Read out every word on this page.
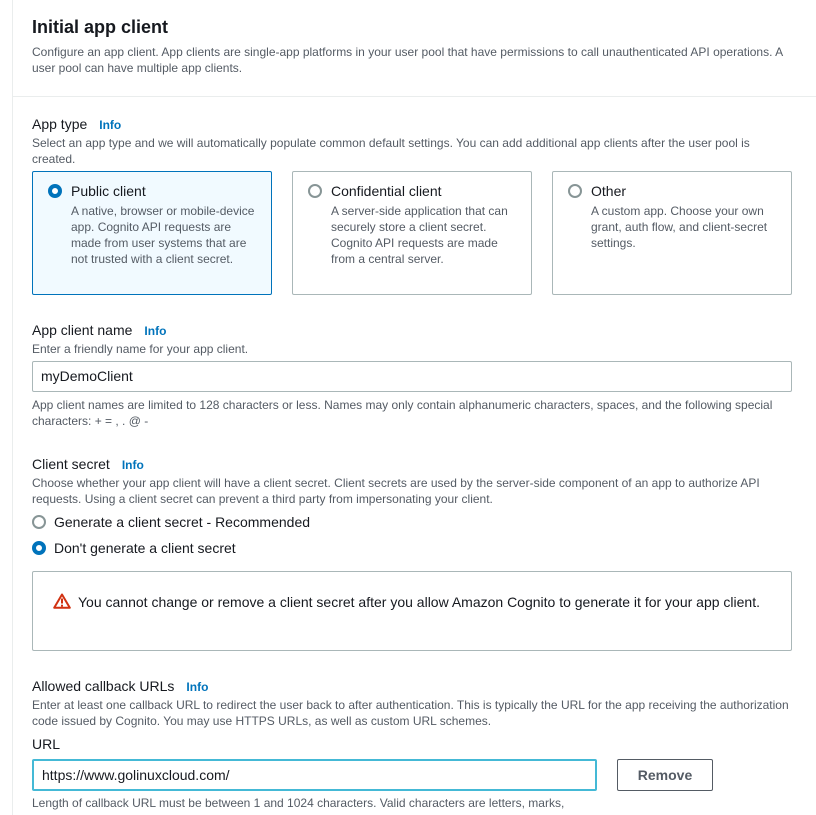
Initial app client
Configure an app client. App clients are single-app platforms in your user pool that have permissions to call unauthenticated API operations. A user pool can have multiple app clients.
App type Info
Select an app type and we will automatically populate common default settings. You can add additional app clients after the user pool is created.
Public client
A native, browser or mobile-device app. Cognito API requests are made from user systems that are not trusted with a client secret.
Confidential client
A server-side application that can securely store a client secret. Cognito API requests are made from a central server.
Other
A custom app. Choose your own grant, auth flow, and client-secret settings.
App client name Info
Enter a friendly name for your app client.
myDemoClient
App client names are limited to 128 characters or less. Names may only contain alphanumeric characters, spaces, and the following special characters: + = , . @ -
Client secret Info
Choose whether your app client will have a client secret. Client secrets are used by the server-side component of an app to authorize API requests. Using a client secret can prevent a third party from impersonating your client.
Generate a client secret - Recommended
Don't generate a client secret
You cannot change or remove a client secret after you allow Amazon Cognito to generate it for your app client.
Allowed callback URLs Info
Enter at least one callback URL to redirect the user back to after authentication. This is typically the URL for the app receiving the authorization code issued by Cognito. You may use HTTPS URLs, as well as custom URL schemes.
URL
https://www.golinuxcloud.com/	Remove
Length of callback URL must be between 1 and 1024 characters. Valid characters are letters, marks,
